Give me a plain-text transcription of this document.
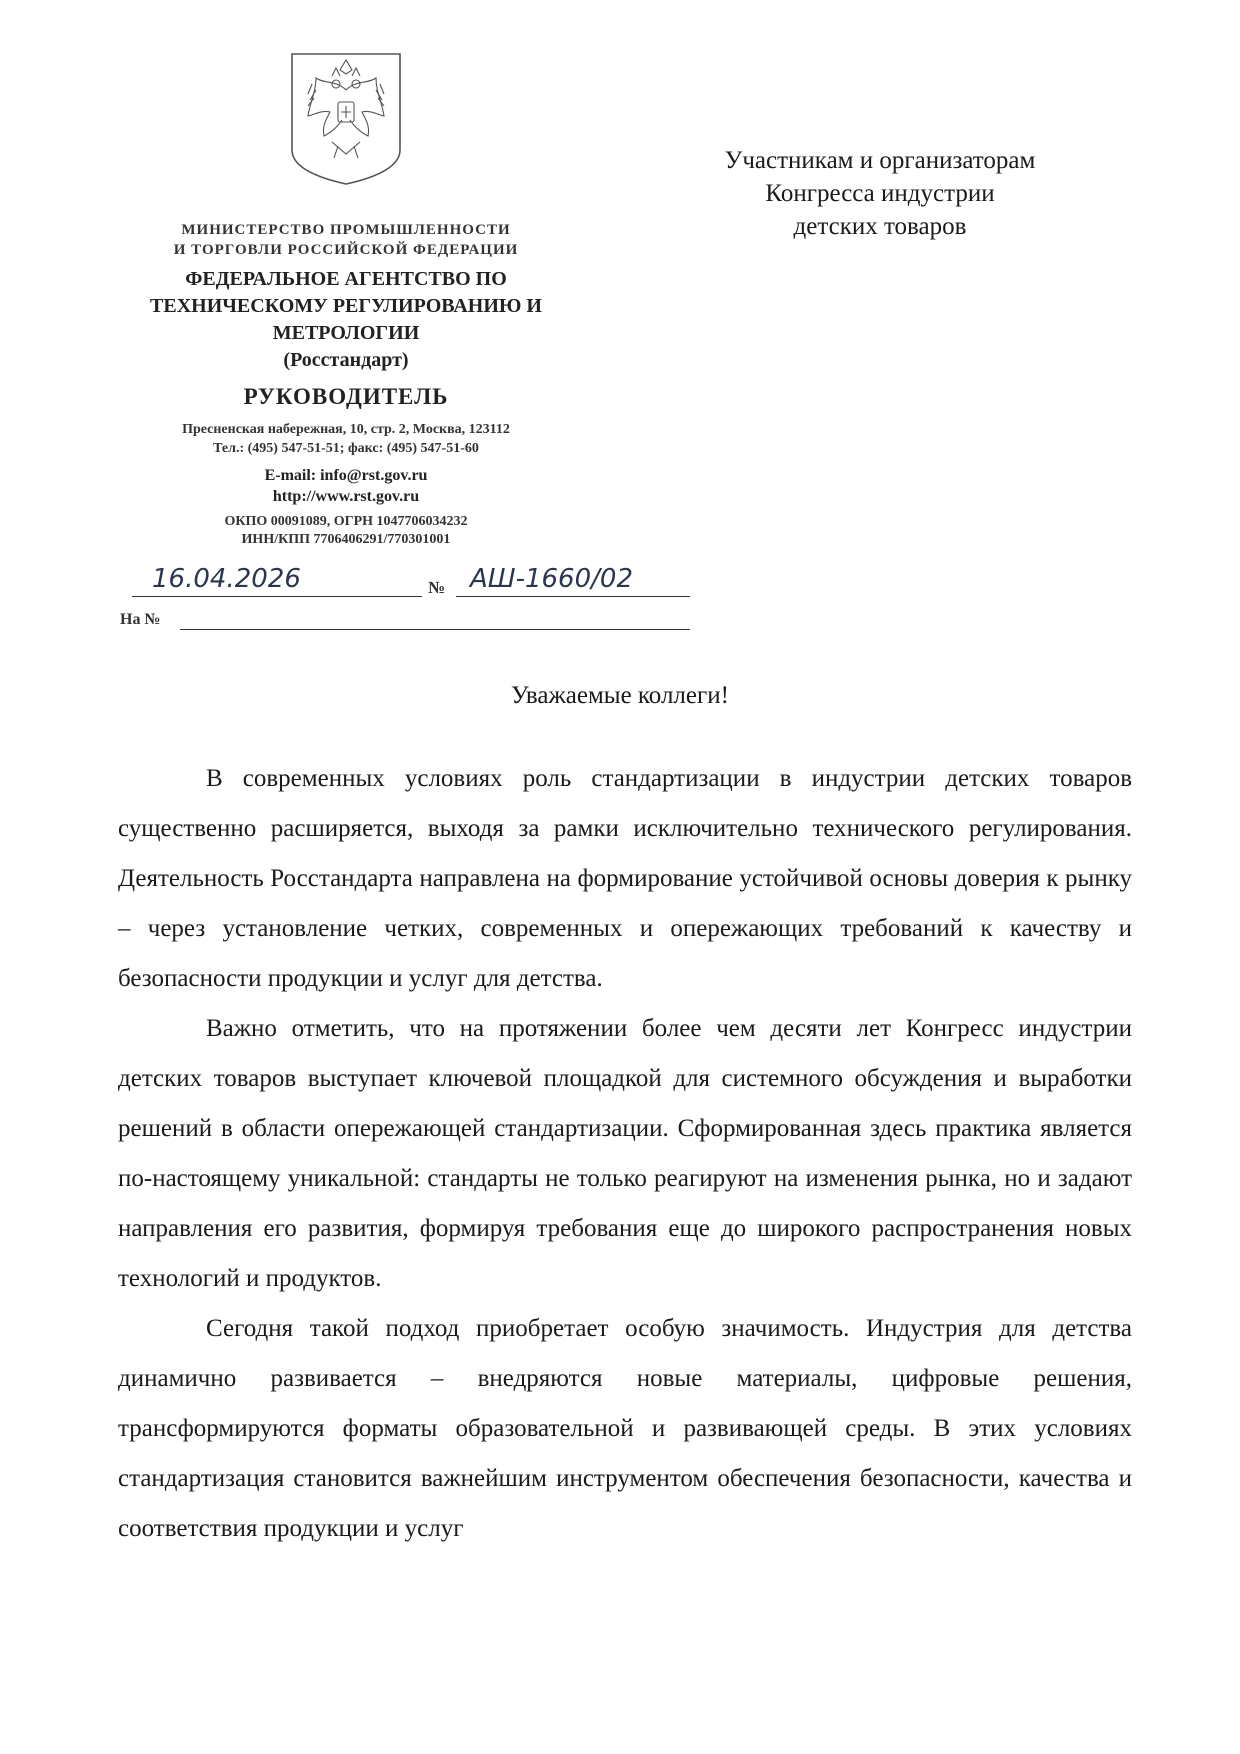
МИНИСТЕРСТВО ПРОМЫШЛЕННОСТИ
И ТОРГОВЛИ РОССИЙСКОЙ ФЕДЕРАЦИИ
ФЕДЕРАЛЬНОЕ АГЕНТСТВО ПО
ТЕХНИЧЕСКОМУ РЕГУЛИРОВАНИЮ И
МЕТРОЛОГИИ
(Росстандарт)
РУКОВОДИТЕЛЬ
Пресненская набережная, 10, стр. 2, Москва, 123112
Тел.: (495) 547-51-51; факс: (495) 547-51-60
E-mail: info@rst.gov.ru
http://www.rst.gov.ru
ОКПО 00091089, ОГРН 1047706034232
ИНН/КПП 7706406291/770301001
16.04.2026	№ АШ-1660/02
На №
Участникам и организаторам
Конгресса индустрии
детских товаров
Уважаемые коллеги!

В современных условиях роль стандартизации в индустрии детских товаров существенно расширяется, выходя за рамки исключительно технического регулирования. Деятельность Росстандарта направлена на формирование устойчивой основы доверия к рынку – через установление четких, современных и опережающих требований к качеству и безопасности продукции и услуг для детства.

Важно отметить, что на протяжении более чем десяти лет Конгресс индустрии детских товаров выступает ключевой площадкой для системного обсуждения и выработки решений в области опережающей стандартизации. Сформированная здесь практика является по-настоящему уникальной: стандарты не только реагируют на изменения рынка, но и задают направления его развития, формируя требования еще до широкого распространения новых технологий и продуктов.

Сегодня такой подход приобретает особую значимость. Индустрия для детства динамично развивается – внедряются новые материалы, цифровые решения, трансформируются форматы образовательной и развивающей среды. В этих условиях стандартизация становится важнейшим инструментом обеспечения безопасности, качества и соответствия продукции и услуг
